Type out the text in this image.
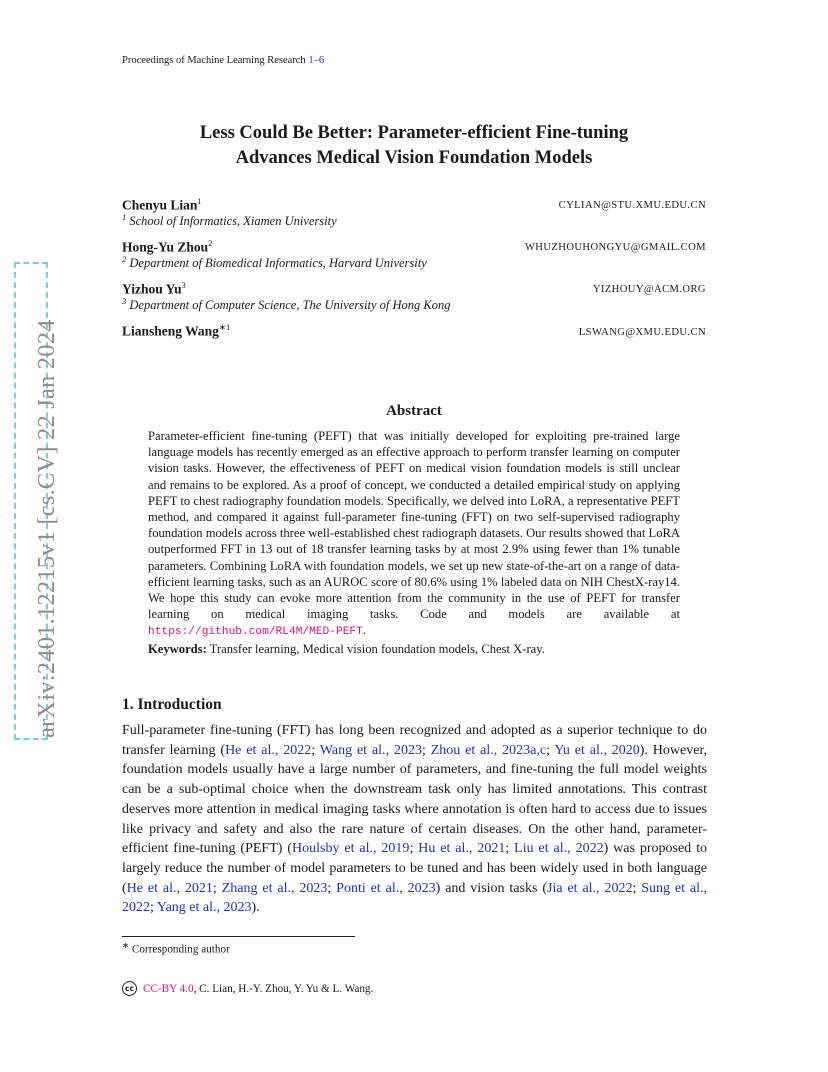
arXiv:2401.12215v1 [cs.CV] 22 Jan 2024
Proceedings of Machine Learning Research 1–6
Less Could Be Better: Parameter-efficient Fine-tuning
Advances Medical Vision Foundation Models
Chenyu Lian$^1$	CYLIAN@STU.XMU.EDU.CN
$^1$ School of Informatics, Xiamen University
Hong-Yu Zhou$^2$	WHUZHOUHONGYU@GMAIL.COM
$^2$ Department of Biomedical Informatics, Harvard University
Yizhou Yu$^3$	YIZHOUY@ACM.ORG
$^3$ Department of Computer Science, The University of Hong Kong
Liansheng Wang$^{∗1}$	LSWANG@XMU.EDU.CN
Abstract
Parameter-efficient fine-tuning (PEFT) that was initially developed for exploiting pre-trained large language models has recently emerged as an effective approach to perform transfer learning on computer vision tasks. However, the effectiveness of PEFT on medical vision foundation models is still unclear and remains to be explored. As a proof of concept, we conducted a detailed empirical study on applying PEFT to chest radiography foundation models. Specifically, we delved into LoRA, a representative PEFT method, and compared it against full-parameter fine-tuning (FFT) on two self-supervised radiography foundation models across three well-established chest radiograph datasets. Our results showed that LoRA outperformed FFT in 13 out of 18 transfer learning tasks by at most 2.9% using fewer than 1% tunable parameters. Combining LoRA with foundation models, we set up new state-of-the-art on a range of data-efficient learning tasks, such as an AUROC score of 80.6% using 1% labeled data on NIH ChestX-ray14. We hope this study can evoke more attention from the community in the use of PEFT for transfer learning on medical imaging tasks. Code and models are available at https://github.com/RL4M/MED-PEFT.
Keywords: Transfer learning, Medical vision foundation models, Chest X-ray.
1. Introduction
Full-parameter fine-tuning (FFT) has long been recognized and adopted as a superior technique to do transfer learning (He et al., 2022; Wang et al., 2023; Zhou et al., 2023a,c; Yu et al., 2020). However, foundation models usually have a large number of parameters, and fine-tuning the full model weights can be a sub-optimal choice when the downstream task only has limited annotations. This contrast deserves more attention in medical imaging tasks where annotation is often hard to access due to issues like privacy and safety and also the rare nature of certain diseases. On the other hand, parameter-efficient fine-tuning (PEFT) (Houlsby et al., 2019; Hu et al., 2021; Liu et al., 2022) was proposed to largely reduce the number of model parameters to be tuned and has been widely used in both language (He et al., 2021; Zhang et al., 2023; Ponti et al., 2023) and vision tasks (Jia et al., 2022; Sung et al., 2022; Yang et al., 2023).
∗ Corresponding author
cc CC-BY 4.0, C. Lian, H.-Y. Zhou, Y. Yu & L. Wang.
